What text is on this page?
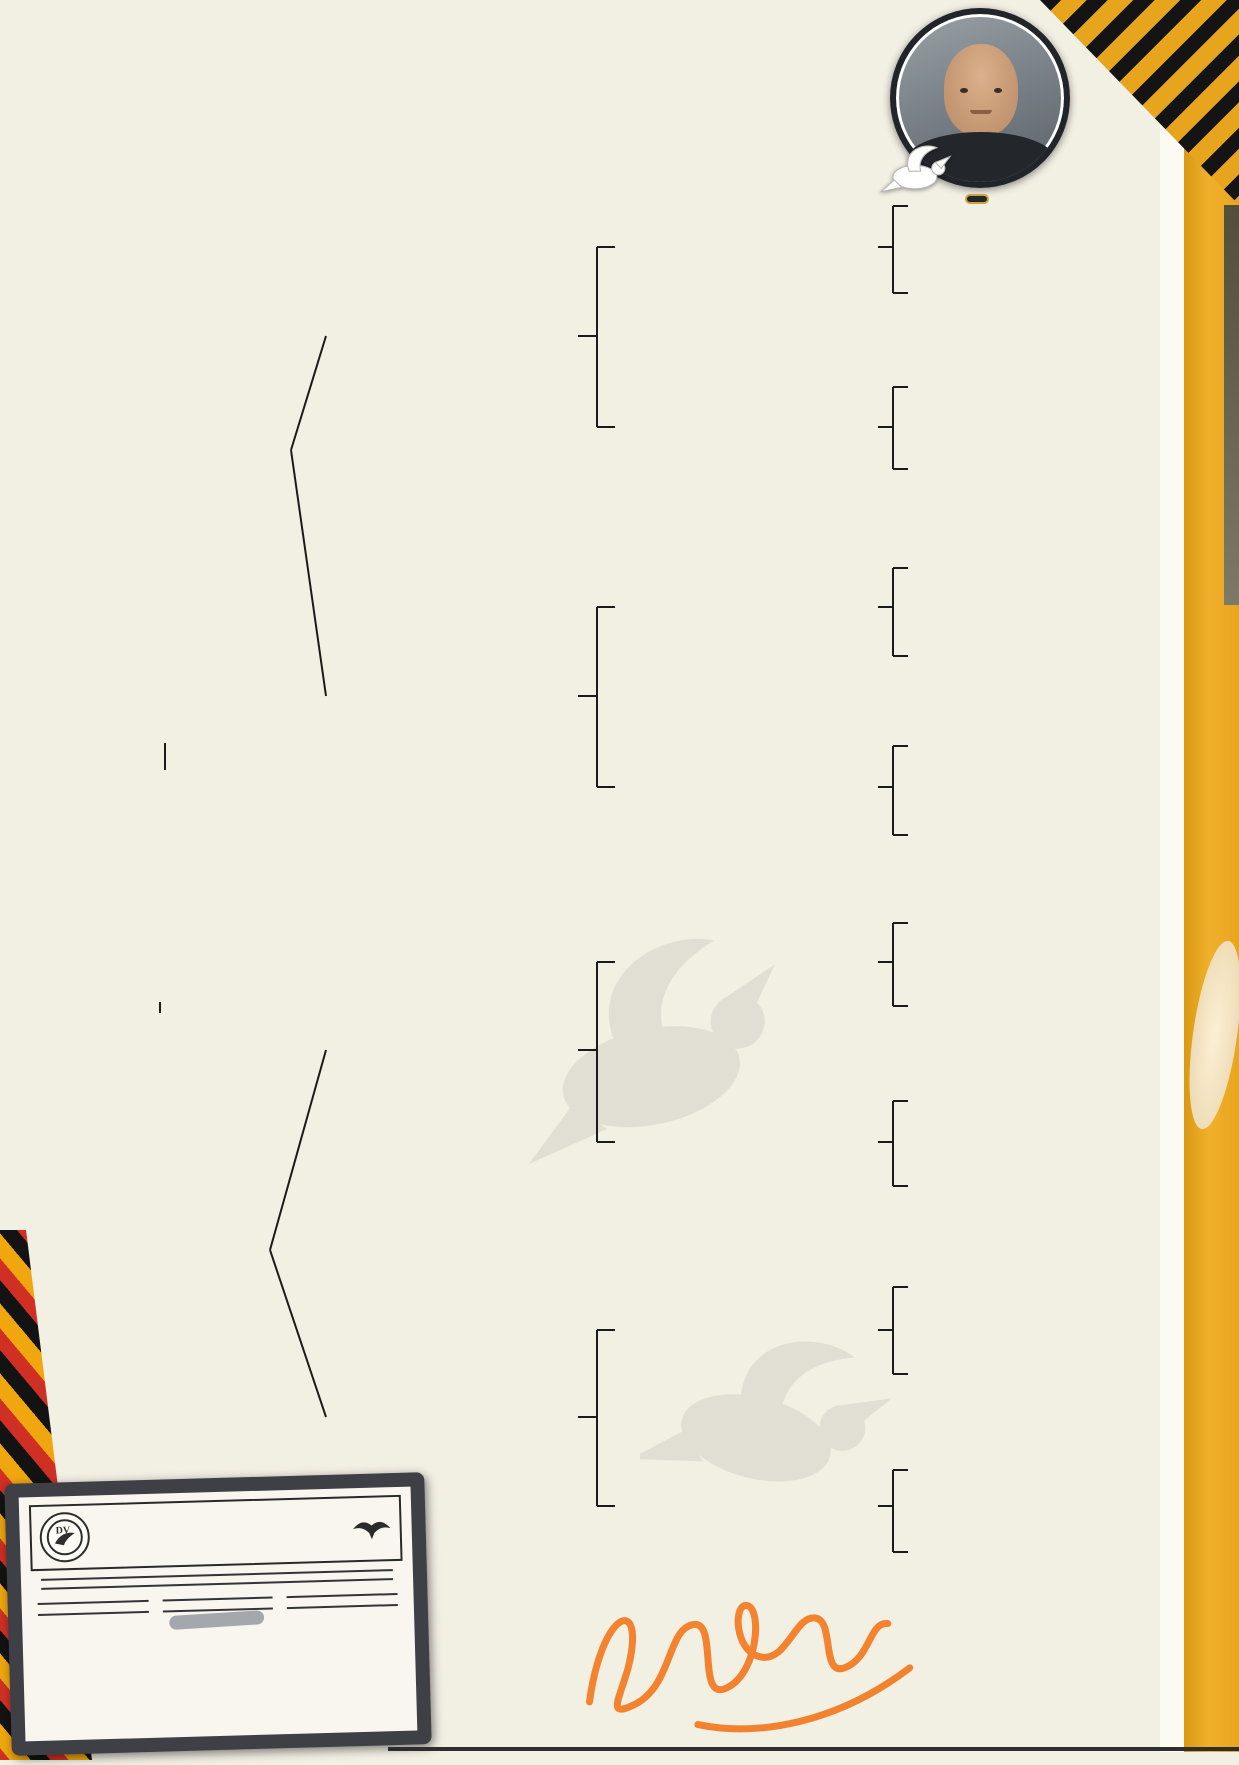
DV
